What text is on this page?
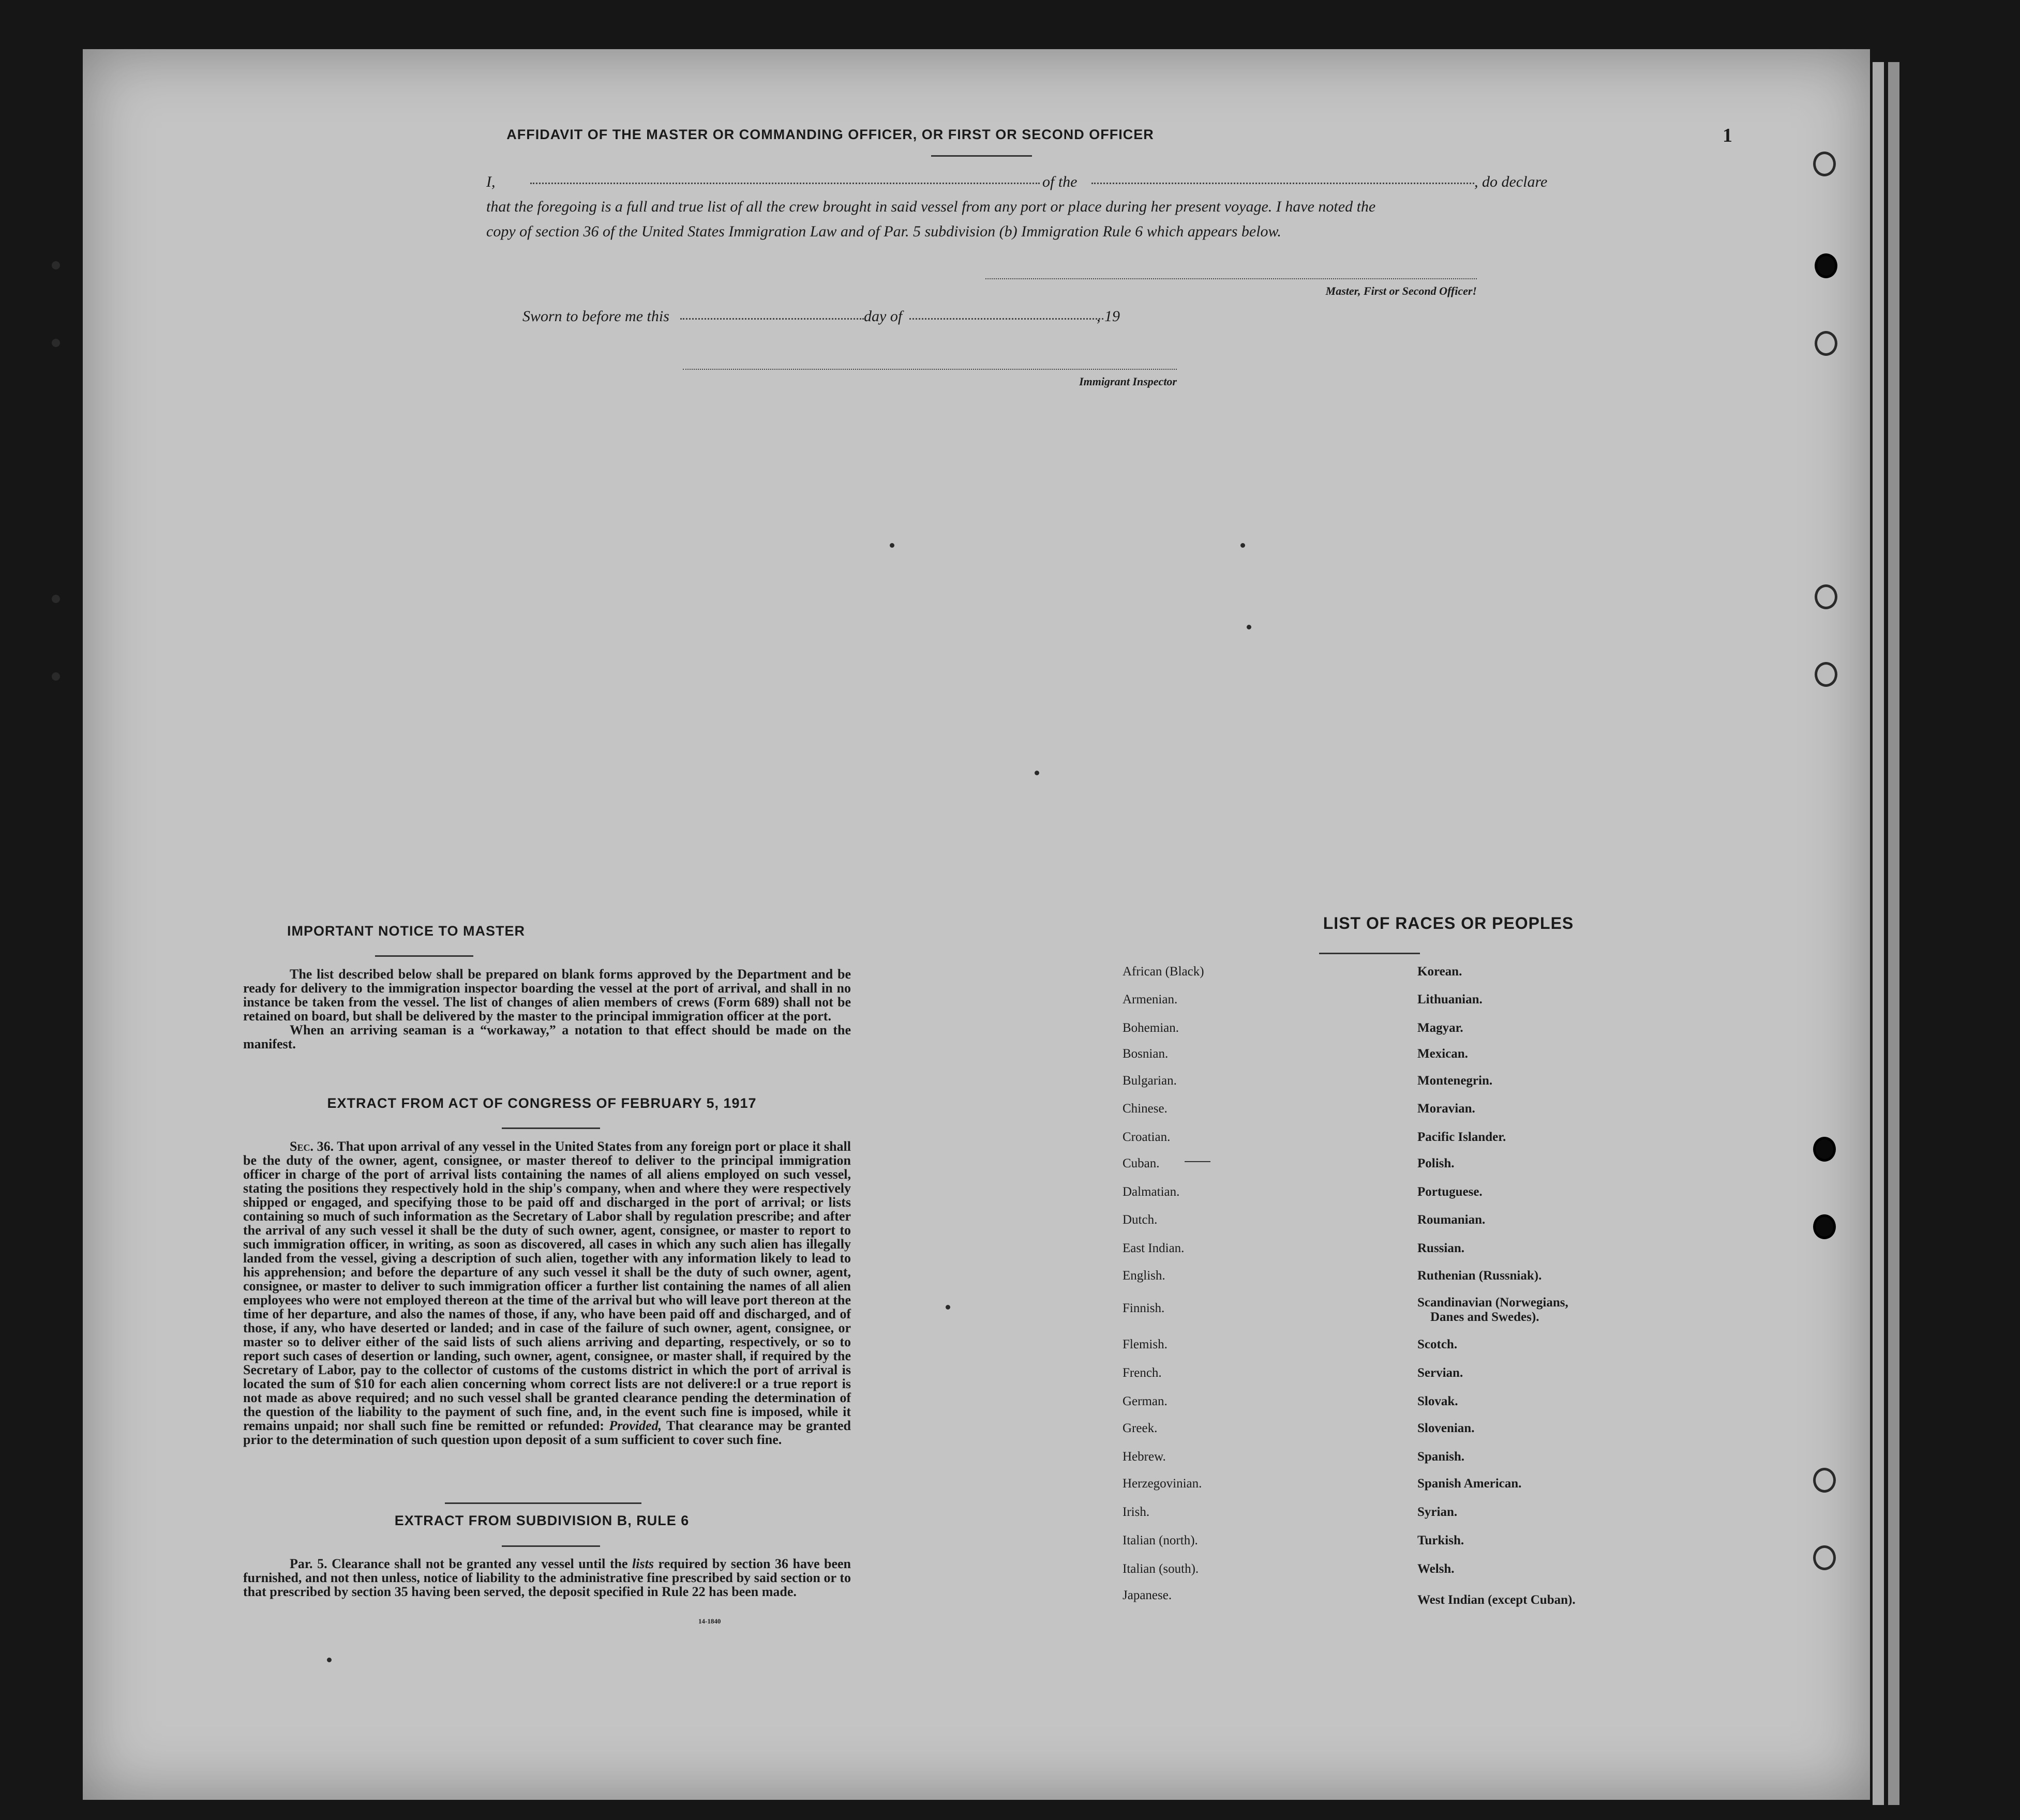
AFFIDAVIT OF THE MASTER OR COMMANDING OFFICER, OR FIRST OR SECOND OFFICER
I,	of the	, do declare
that the foregoing is a full and true list of all the crew brought in said vessel from any port or place during her present voyage. I have noted the
copy of section 36 of the United States Immigration Law and of Par. 5 subdivision (b) Immigration Rule 6 which appears below.
Master, First or Second Officer!
Sworn to before me this	day of	, 19
Immigrant Inspector
1
IMPORTANT NOTICE TO MASTER

The list described below shall be prepared on blank forms approved by the Department and be ready for delivery to the immigration inspector boarding the vessel at the port of arrival, and shall in no instance be taken from the vessel. The list of changes of alien members of crews (Form 689) shall not be retained on board, but shall be delivered by the master to the principal immigration officer at the port.

When an arriving seaman is a “workaway,” a notation to that effect should be made on the manifest.

EXTRACT FROM ACT OF CONGRESS OF FEBRUARY 5, 1917

Sec. 36. That upon arrival of any vessel in the United States from any foreign port or place it shall be the duty of the owner, agent, consignee, or master thereof to deliver to the principal immigration officer in charge of the port of arrival lists containing the names of all aliens employed on such vessel, stating the positions they respectively hold in the ship's company, when and where they were respectively shipped or engaged, and specifying those to be paid off and discharged in the port of arrival; or lists containing so much of such information as the Secretary of Labor shall by regulation prescribe; and after the arrival of any such vessel it shall be the duty of such owner, agent, consignee, or master to report to such immigration officer, in writing, as soon as discovered, all cases in which any such alien has illegally landed from the vessel, giving a description of such alien, together with any information likely to lead to his apprehension; and before the departure of any such vessel it shall be the duty of such owner, agent, consignee, or master to deliver to such immigration officer a further list containing the names of all alien employees who were not employed thereon at the time of the arrival but who will leave port thereon at the time of her departure, and also the names of those, if any, who have been paid off and discharged, and of those, if any, who have deserted or landed; and in case of the failure of such owner, agent, consignee, or master so to deliver either of the said lists of such aliens arriving and departing, respectively, or so to report such cases of desertion or landing, such owner, agent, consignee, or master shall, if required by the Secretary of Labor, pay to the collector of customs of the customs district in which the port of arrival is located the sum of $10 for each alien concerning whom correct lists are not delivere:l or a true report is not made as above required; and no such vessel shall be granted clearance pending the determination of the question of the liability to the payment of such fine, and, in the event such fine is imposed, while it remains unpaid; nor shall such fine be remitted or refunded: Provided, That clearance may be granted prior to the determination of such question upon deposit of a sum sufficient to cover such fine.

EXTRACT FROM SUBDIVISION B, RULE 6

Par. 5. Clearance shall not be granted any vessel until the lists required by section 36 have been furnished, and not then unless, notice of liability to the administrative fine prescribed by said section or to that prescribed by section 35 having been served, the deposit specified in Rule 22 has been made.

14-1840
LIST OF RACES OR PEOPLES
African (Black)
Armenian.
Bohemian.
Bosnian.
Bulgarian.
Chinese.
Croatian.
Cuban.
Dalmatian.
Dutch.
East Indian.
English.
Finnish.
Flemish.
French.
German.
Greek.
Hebrew.
Herzegovinian.
Irish.
Italian (north).
Italian (south).
Japanese.
Korean.
Lithuanian.
Magyar.
Mexican.
Montenegrin.
Moravian.
Pacific Islander.
Polish.
Portuguese.
Roumanian.
Russian.
Ruthenian (Russniak).
Scandinavian (Norwegians,
Danes and Swedes).
Scotch.
Servian.
Slovak.
Slovenian.
Spanish.
Spanish American.
Syrian.
Turkish.
Welsh.
West Indian (except Cuban).
